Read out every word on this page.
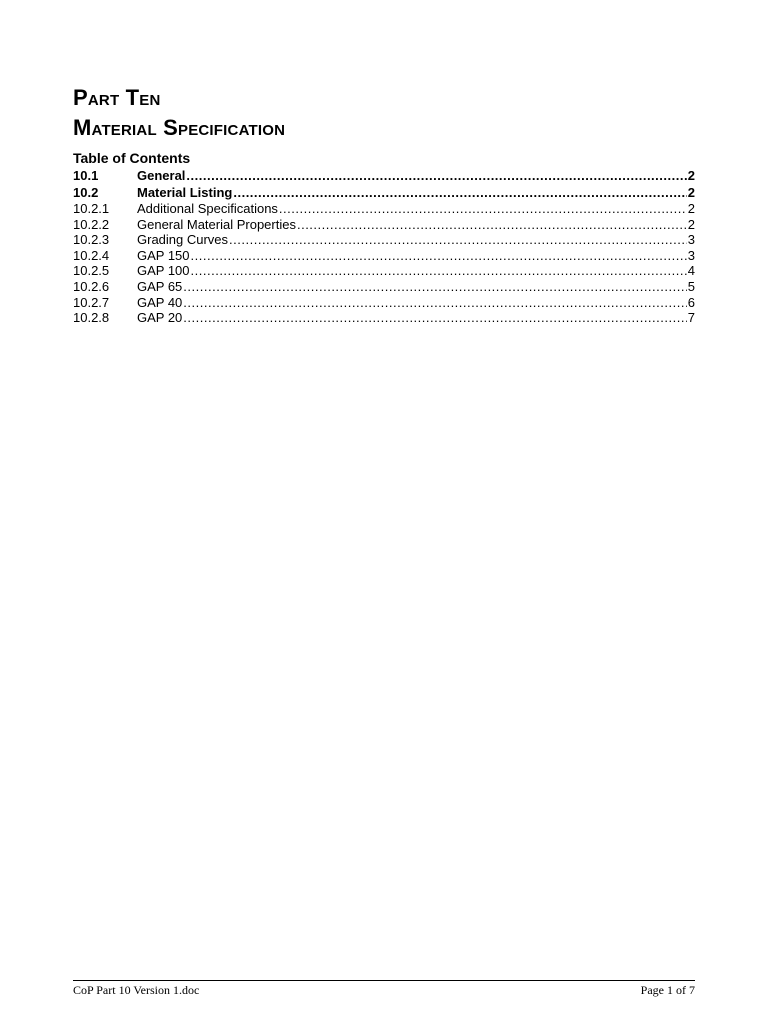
Part Ten
Material Specification
Table of Contents
10.1	General .....	2
10.2	Material Listing .....	2
10.2.1	Additional Specifications .....	2
10.2.2	General Material Properties .....	2
10.2.3	Grading Curves .....	3
10.2.4	GAP 150 .....	3
10.2.5	GAP 100 .....	4
10.2.6	GAP 65 .....	5
10.2.7	GAP 40 .....	6
10.2.8	GAP 20 .....	7
CoP Part 10 Version 1.doc	Page 1 of 7
